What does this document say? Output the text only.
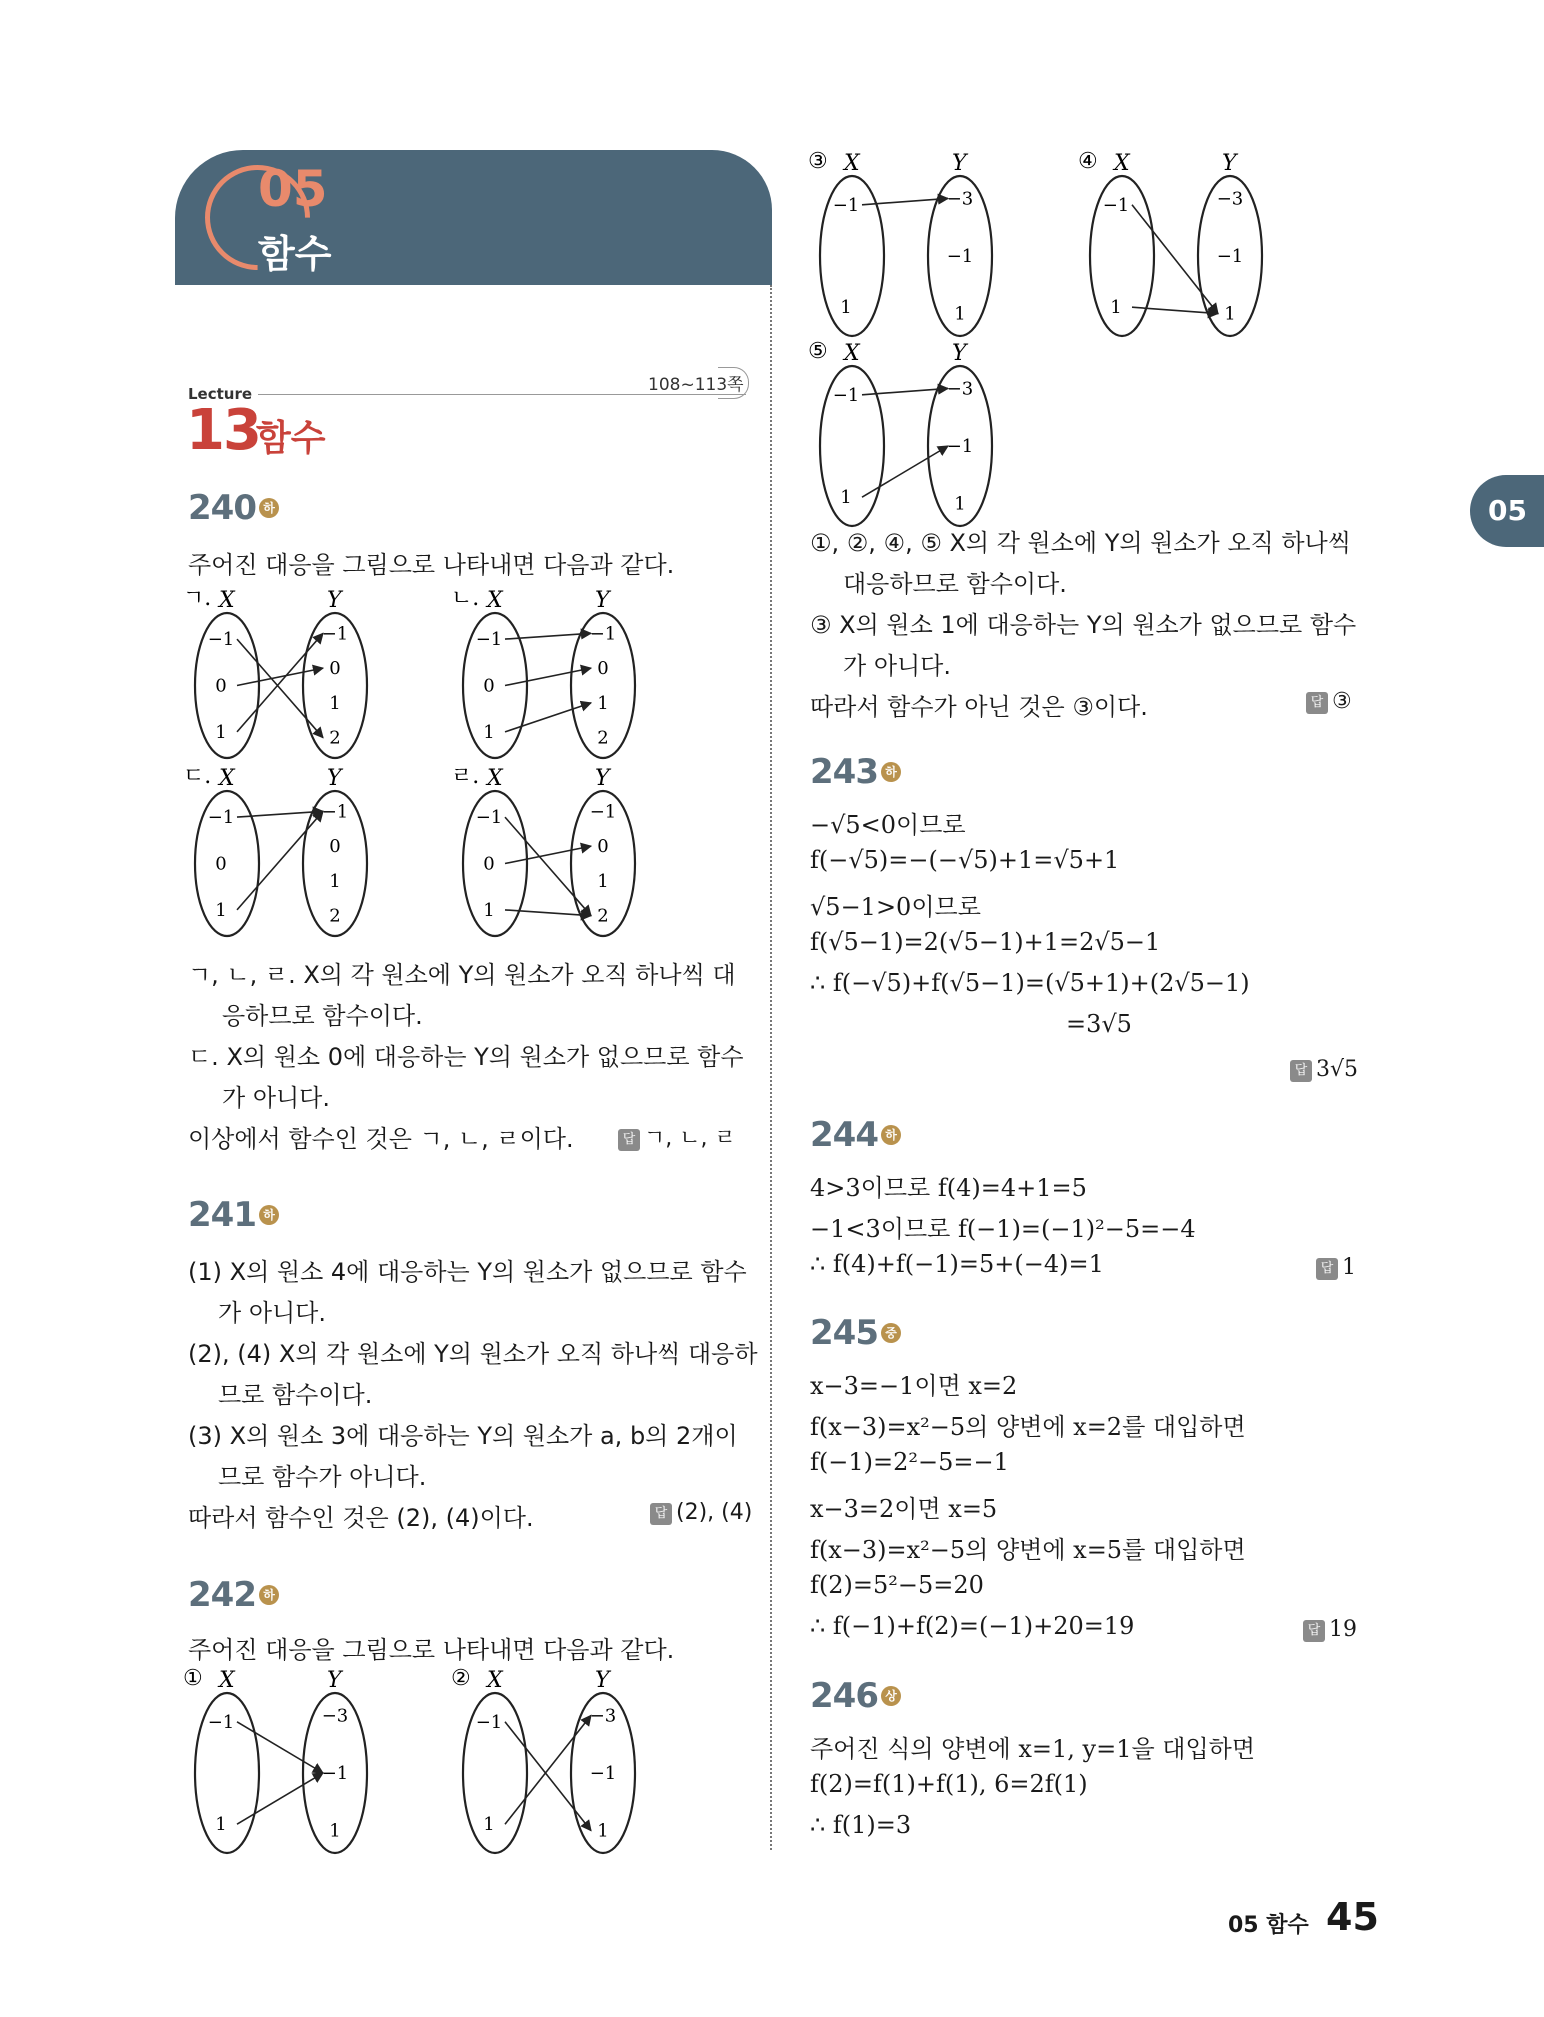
05
함수
Lecture	108~113쪽
13
함수
240 하
주어진 대응을 그림으로 나타내면 다음과 같다.
ㄱ. X	Y
−1
0
1
−1
0
1
2
ㄴ. X	Y
−1
0
1
−1
0
1
2
ㄷ. X	Y
−1
0
1
−1
0
1
2
ㄹ. X	Y
−1
0
1
−1
0
1
2
ㄱ, ㄴ, ㄹ. X의 각 원소에 Y의 원소가 오직 하나씩 대
응하므로 함수이다.
ㄷ. X의 원소 0에 대응하는 Y의 원소가 없으므로 함수
가 아니다.
이상에서 함수인 것은 ㄱ, ㄴ, ㄹ이다.	답 ㄱ, ㄴ, ㄹ
241 하
(1) X의 원소 4에 대응하는 Y의 원소가 없으므로 함수
가 아니다.
(2), (4) X의 각 원소에 Y의 원소가 오직 하나씩 대응하
므로 함수이다.
(3) X의 원소 3에 대응하는 Y의 원소가 a, b의 2개이
므로 함수가 아니다.
따라서 함수인 것은 (2), (4)이다.	답 (2), (4)
242 하
주어진 대응을 그림으로 나타내면 다음과 같다.
① X	Y
−1
1
−3
−1
1
② X	Y
−1
1
−3
−1
1
③ X	Y
−1
1
−3
−1
1
④ X	Y
−1
1
−3
−1
1
⑤ X	Y
−1
1
−3
−1
1
①, ②, ④, ⑤ X의 각 원소에 Y의 원소가 오직 하나씩
대응하므로 함수이다.
③ X의 원소 1에 대응하는 Y의 원소가 없으므로 함수
가 아니다.
따라서 함수가 아닌 것은 ③이다.	답 ③
243 하
−√5<0이므로
f(−√5)=−(−√5)+1=√5+1
√5−1>0이므로
f(√5−1)=2(√5−1)+1=2√5−1
∴ f(−√5)+f(√5−1)=(√5+1)+(2√5−1)
=3√5
답 3√5
244 하
4>3이므로 f(4)=4+1=5
−1<3이므로 f(−1)=(−1)²−5=−4
∴ f(4)+f(−1)=5+(−4)=1	답 1
245 중
x−3=−1이면 x=2
f(x−3)=x²−5의 양변에 x=2를 대입하면
f(−1)=2²−5=−1
x−3=2이면 x=5
f(x−3)=x²−5의 양변에 x=5를 대입하면
f(2)=5²−5=20
∴ f(−1)+f(2)=(−1)+20=19	답 19
246 상
주어진 식의 양변에 x=1, y=1을 대입하면
f(2)=f(1)+f(1), 6=2f(1)
∴ f(1)=3
05
05 함수 45
